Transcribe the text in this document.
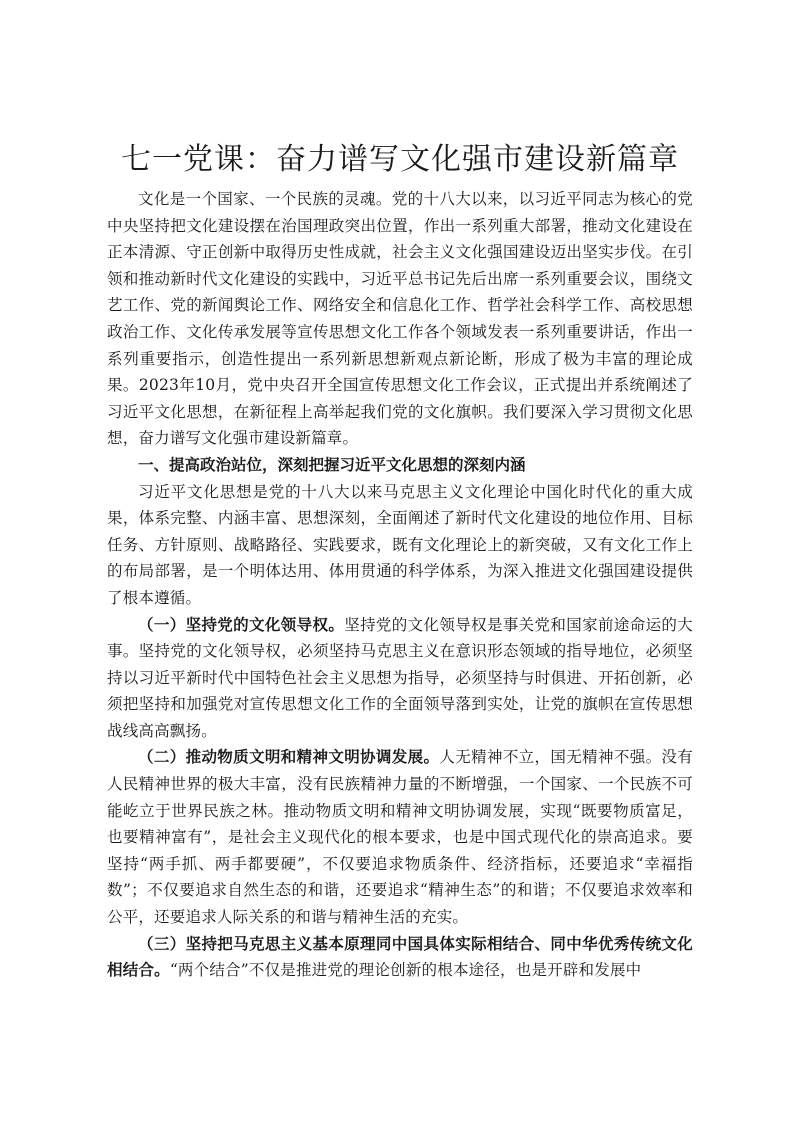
七一党课：奋力谱写文化强市建设新篇章

文化是一个国家、一个民族的灵魂。党的十八大以来，以习近平同志为核心的党中央坚持把文化建设摆在治国理政突出位置，作出一系列重大部署，推动文化建设在正本清源、守正创新中取得历史性成就，社会主义文化强国建设迈出坚实步伐。在引领和推动新时代文化建设的实践中，习近平总书记先后出席一系列重要会议，围绕文艺工作、党的新闻舆论工作、网络安全和信息化工作、哲学社会科学工作、高校思想政治工作、文化传承发展等宣传思想文化工作各个领域发表一系列重要讲话，作出一系列重要指示，创造性提出一系列新思想新观点新论断，形成了极为丰富的理论成果。2023年10月，党中央召开全国宣传思想文化工作会议，正式提出并系统阐述了习近平文化思想，在新征程上高举起我们党的文化旗帜。我们要深入学习贯彻文化思想，奋力谱写文化强市建设新篇章。

一、提高政治站位，深刻把握习近平文化思想的深刻内涵

习近平文化思想是党的十八大以来马克思主义文化理论中国化时代化的重大成果，体系完整、内涵丰富、思想深刻，全面阐述了新时代文化建设的地位作用、目标任务、方针原则、战略路径、实践要求，既有文化理论上的新突破，又有文化工作上的布局部署，是一个明体达用、体用贯通的科学体系，为深入推进文化强国建设提供了根本遵循。

（一）坚持党的文化领导权。坚持党的文化领导权是事关党和国家前途命运的大事。坚持党的文化领导权，必须坚持马克思主义在意识形态领域的指导地位，必须坚持以习近平新时代中国特色社会主义思想为指导，必须坚持与时俱进、开拓创新，必须把坚持和加强党对宣传思想文化工作的全面领导落到实处，让党的旗帜在宣传思想战线高高飘扬。

（二）推动物质文明和精神文明协调发展。人无精神不立，国无精神不强。没有人民精神世界的极大丰富，没有民族精神力量的不断增强，一个国家、一个民族不可能屹立于世界民族之林。推动物质文明和精神文明协调发展，实现“既要物质富足，也要精神富有”，是社会主义现代化的根本要求，也是中国式现代化的崇高追求。要坚持“两手抓、两手都要硬”，不仅要追求物质条件、经济指标，还要追求“幸福指数”；不仅要追求自然生态的和谐，还要追求“精神生态”的和谐；不仅要追求效率和公平，还要追求人际关系的和谐与精神生活的充实。

（三）坚持把马克思主义基本原理同中国具体实际相结合、同中华优秀传统文化相结合。“两个结合”不仅是推进党的理论创新的根本途径，也是开辟和发展中
